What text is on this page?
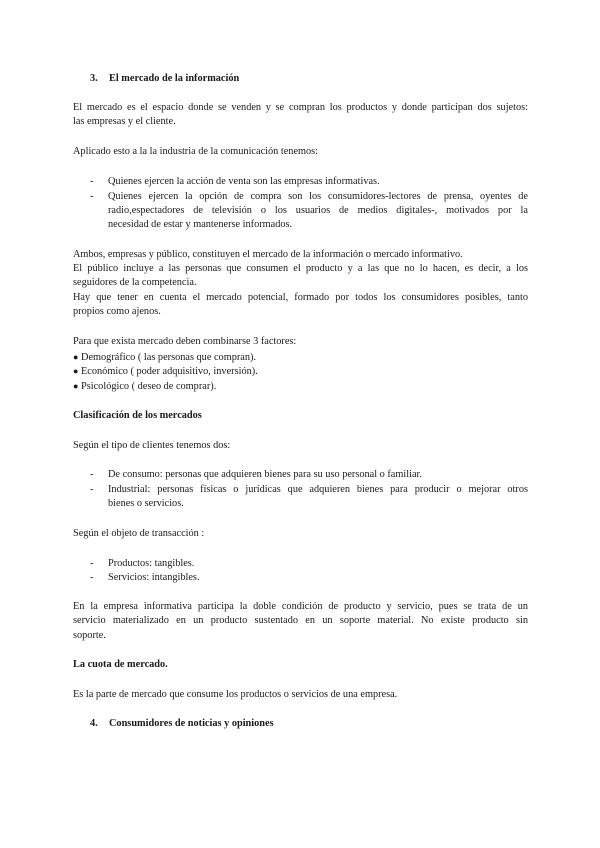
3. El mercado de la información
El mercado es el espacio donde se venden y se compran los productos y donde participan dos sujetos:
las empresas y el cliente.
Aplicado esto a la la industria de la comunicación tenemos:
- Quienes ejercen la acción de venta son las empresas informativas.
- Quienes ejercen la opción de compra son los consumidores-lectores de prensa, oyentes de
radio,espectadores de televisión o los usuarios de medios digitales-, motivados por la
necesidad de estar y mantenerse informados.
Ambos, empresas y público, constituyen el mercado de la información o mercado informativo.
El público incluye a las personas que consumen el producto y a las que no lo hacen, es decir, a los
seguidores de la competencia.
Hay que tener en cuenta el mercado potencial, formado por todos los consumidores posibles, tanto
propios como ajenos.
Para que exista mercado deben combinarse 3 factores:
● Demográfico ( las personas que compran).
● Económico ( poder adquisitivo, inversión).
● Psicológico ( deseo de comprar).
Clasificación de los mercados
Según el tipo de clientes tenemos dos:
- De consumo: personas que adquieren bienes para su uso personal o familiar.
- Industrial: personas físicas o jurídicas que adquieren bienes para producir o mejorar otros
bienes o servicios.
Según el objeto de transacción :
- Productos: tangibles.
- Servicios: intangibles.
En la empresa informativa participa la doble condición de producto y servicio, pues se trata de un
servicio materializado en un producto sustentado en un soporte material. No existe producto sin
soporte.
La cuota de mercado.
Es la parte de mercado que consume los productos o servicios de una empresa.
4. Consumidores de noticias y opiniones
